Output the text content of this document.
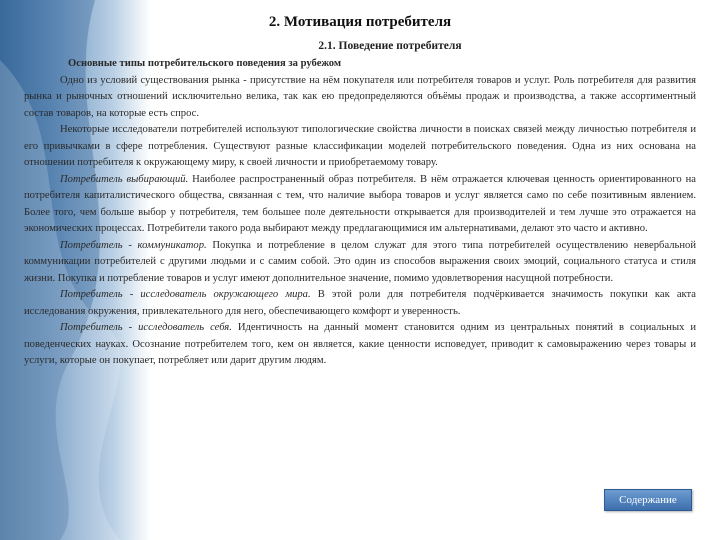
2. Мотивация потребителя
2.1. Поведение потребителя

Основные типы потребительского поведения за рубежом

Одно из условий существования рынка - присутствие на нём покупателя или потребителя товаров и услуг. Роль потребителя для развития рынка и рыночных отношений исключительно велика, так как ею предопределяются объёмы продаж и производства, а также ассортиментный состав товаров, на которые есть спрос.

Некоторые исследователи потребителей используют типологические свойства личности в поисках связей между личностью потребителя и его привычками в сфере потребления. Существуют разные классификации моделей потребительского поведения. Одна из них основана на отношении потребителя к окружающему миру, к своей личности и приобретаемому товару.

Потребитель выбирающий. Наиболее распространенный образ потребителя. В нём отражается ключевая ценность ориентированного на потребителя капиталистического общества, связанная с тем, что наличие выбора товаров и услуг является само по себе позитивным явлением. Более того, чем больше выбор у потребителя, тем большее поле деятельности открывается для производителей и тем лучше это отражается на экономических процессах. Потребители такого рода выбирают между предлагающимися им альтернативами, делают это часто и активно.

Потребитель - коммуникатор. Покупка и потребление в целом служат для этого типа потребителей осуществлению невербальной коммуникации потребителей с другими людьми и с самим собой. Это один из способов выражения своих эмоций, социального статуса и стиля жизни. Покупка и потребление товаров и услуг имеют дополнительное значение, помимо удовлетворения насущной потребности.

Потребитель - исследователь окружающего мира. В этой роли для потребителя подчёркивается значимость покупки как акта исследования окружения, привлекательного для него, обеспечивающего комфорт и уверенность.

Потребитель - исследователь себя. Идентичность на данный момент становится одним из центральных понятий в социальных и поведенческих науках. Осознание потребителем того, кем он является, какие ценности исповедует, приводит к самовыражению через товары и услуги, которые он покупает, потребляет или дарит другим людям.

Содержание
